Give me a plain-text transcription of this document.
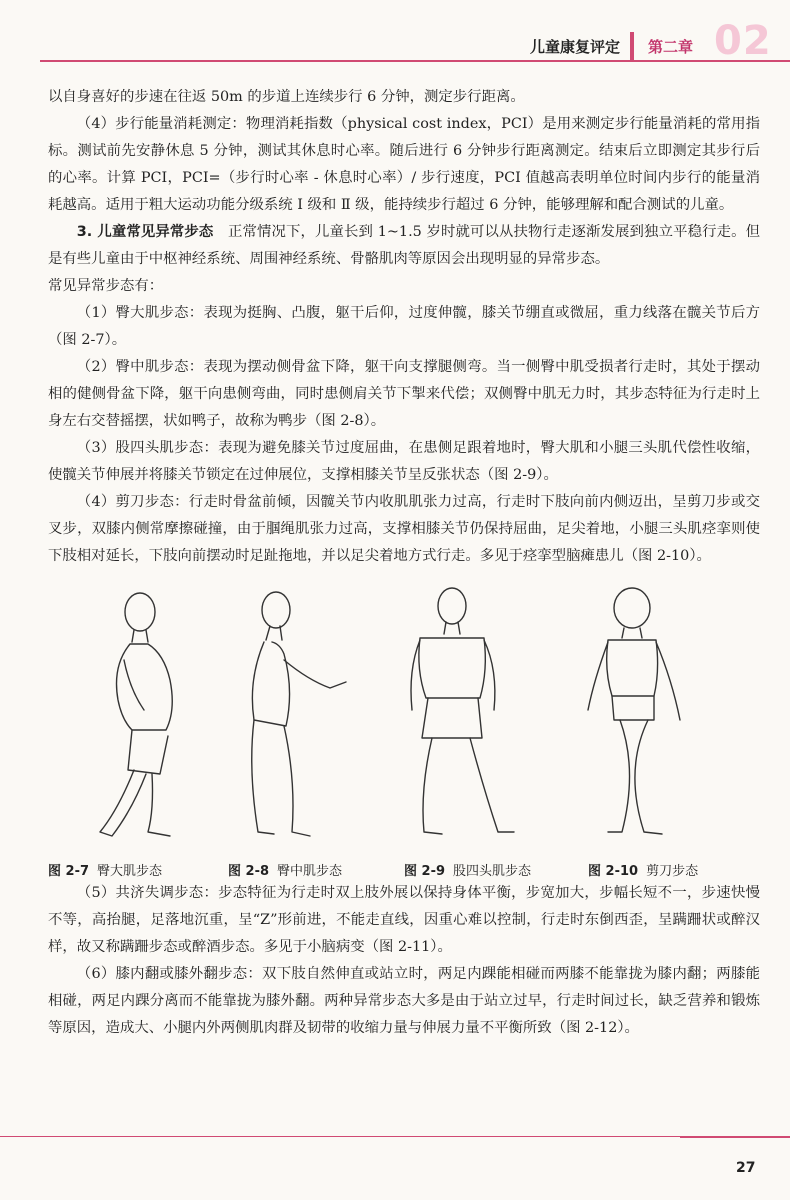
儿童康复评定 第二章 02

以自身喜好的步速在往返 50m 的步道上连续步行 6 分钟，测定步行距离。

（4）步行能量消耗测定：物理消耗指数（physical cost index，PCI）是用来测定步行能量消耗的常用指标。测试前先安静休息 5 分钟，测试其休息时心率。随后进行 6 分钟步行距离测定。结束后立即测定其步行后的心率。计算 PCI，PCI=（步行时心率 - 休息时心率）/ 步行速度，PCI 值越高表明单位时间内步行的能量消耗越高。适用于粗大运动功能分级系统 Ⅰ 级和 Ⅱ 级，能持续步行超过 6 分钟，能够理解和配合测试的儿童。

3. 儿童常见异常步态　 正常情况下，儿童长到 1~1.5 岁时就可以从扶物行走逐渐发展到独立平稳行走。但是有些儿童由于中枢神经系统、周围神经系统、骨骼肌肉等原因会出现明显的异常步态。

常见异常步态有：

（1）臀大肌步态：表现为挺胸、凸腹，躯干后仰，过度伸髋，膝关节绷直或微屈，重力线落在髋关节后方（图 2-7）。

（2）臀中肌步态：表现为摆动侧骨盆下降，躯干向支撑腿侧弯。当一侧臀中肌受损者行走时，其处于摆动相的健侧骨盆下降，躯干向患侧弯曲，同时患侧肩关节下掣来代偿；双侧臀中肌无力时，其步态特征为行走时上身左右交替摇摆，状如鸭子，故称为鸭步（图 2-8）。

（3）股四头肌步态：表现为避免膝关节过度屈曲，在患侧足跟着地时，臀大肌和小腿三头肌代偿性收缩，使髋关节伸展并将膝关节锁定在过伸展位，支撑相膝关节呈反张状态（图 2-9）。

（4）剪刀步态：行走时骨盆前倾，因髋关节内收肌肌张力过高，行走时下肢向前内侧迈出，呈剪刀步或交叉步，双膝内侧常摩擦碰撞，由于腘绳肌张力过高，支撑相膝关节仍保持屈曲，足尖着地，小腿三头肌痉挛则使下肢相对延长，下肢向前摆动时足趾拖地，并以足尖着地方式行走。多见于痉挛型脑瘫患儿（图 2-10）。

图 2-7 臀大肌步态	图 2-8 臀中肌步态	图 2-9 股四头肌步态	图 2-10 剪刀步态

（5）共济失调步态：步态特征为行走时双上肢外展以保持身体平衡，步宽加大，步幅长短不一，步速快慢不等，高抬腿，足落地沉重，呈“Z”形前进，不能走直线，因重心难以控制，行走时东倒西歪，呈蹒跚状或醉汉样，故又称蹒跚步态或醉酒步态。多见于小脑病变（图 2-11）。

（6）膝内翻或膝外翻步态：双下肢自然伸直或站立时，两足内踝能相碰而两膝不能靠拢为膝内翻；两膝能相碰，两足内踝分离而不能靠拢为膝外翻。两种异常步态大多是由于站立过早，行走时间过长，缺乏营养和锻炼等原因，造成大、小腿内外两侧肌肉群及韧带的收缩力量与伸展力量不平衡所致（图 2-12）。

27
